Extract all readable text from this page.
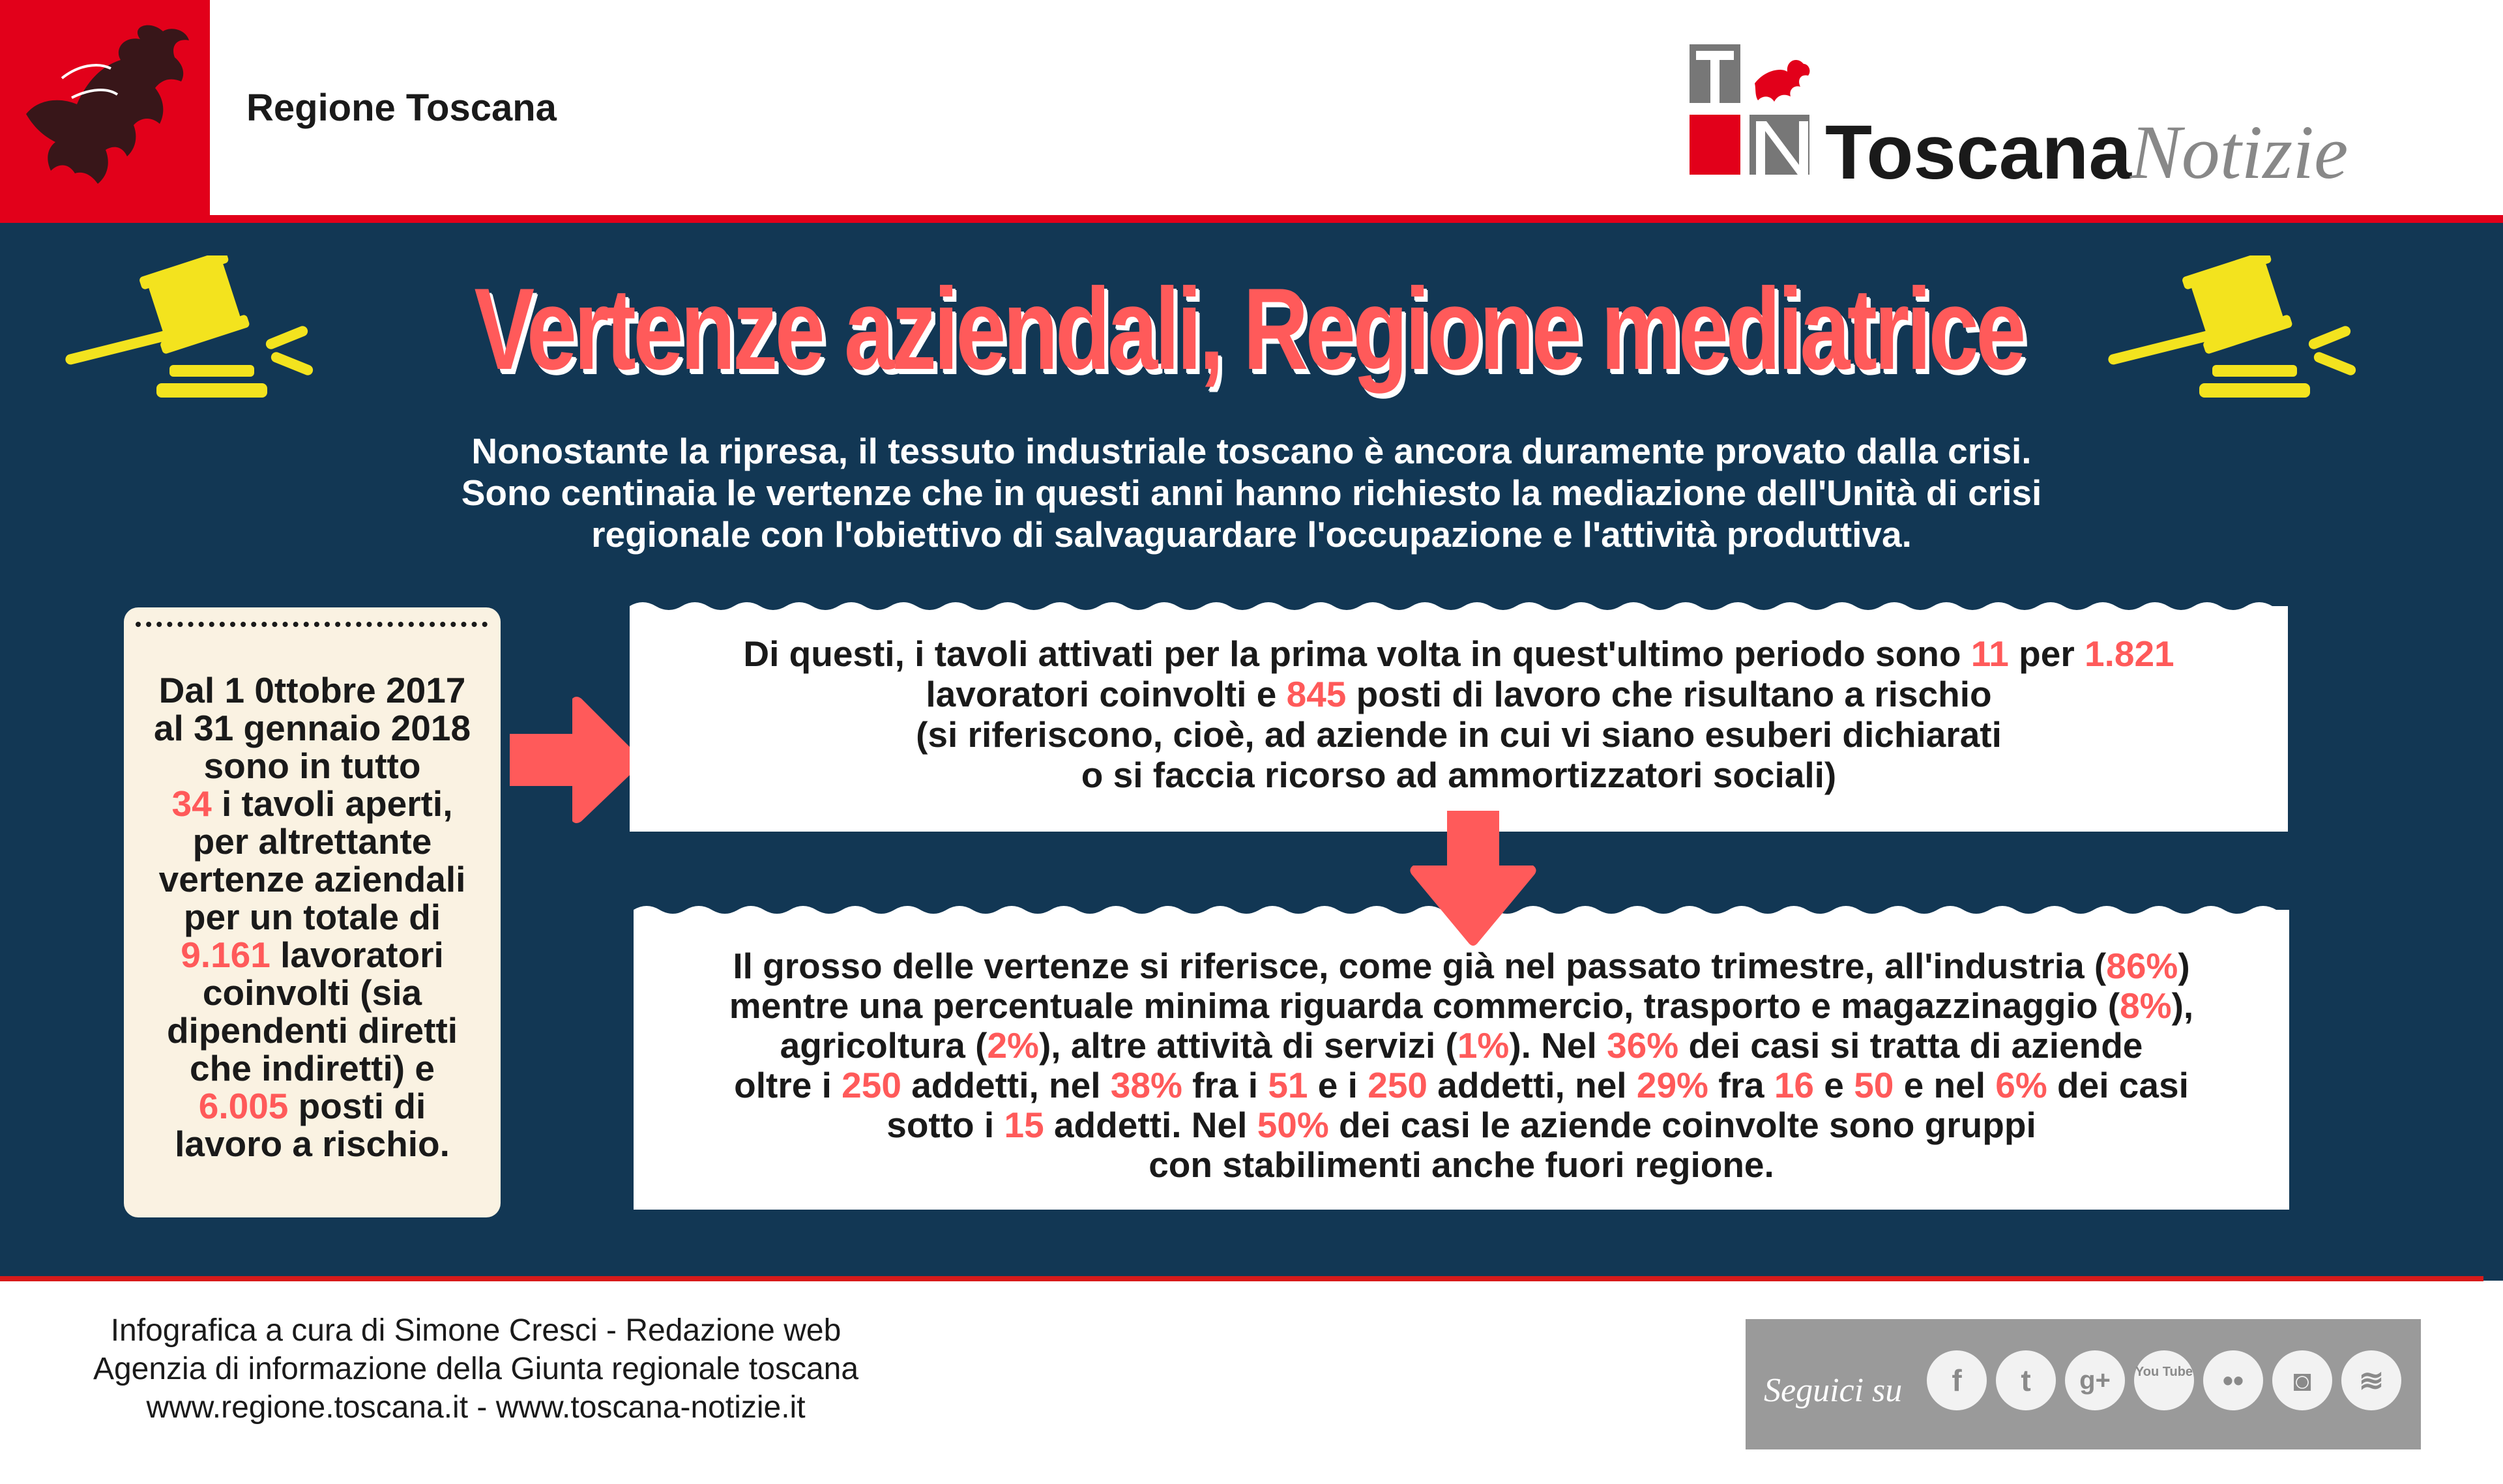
Regione Toscana
Toscana
Notizie
Vertenze aziendali, Regione mediatrice

Nonostante la ripresa, il tessuto industriale toscano è ancora duramente provato dalla crisi.

Sono centinaia le vertenze che in questi anni hanno richiesto la mediazione dell'Unità di crisi

regionale con l'obiettivo di salvaguardare l'occupazione e l'attività produttiva.

Dal 1 0ttobre 2017

al 31 gennaio 2018

sono in tutto

34 i tavoli aperti,

per altrettante

vertenze aziendali

per un totale di

9.161 lavoratori

coinvolti (sia

dipendenti diretti

che indiretti) e

6.005 posti di

lavoro a rischio.

Di questi, i tavoli attivati per la prima volta in quest'ultimo periodo sono 11 per 1.821

lavoratori coinvolti e 845 posti di lavoro che risultano a rischio

(si riferiscono, cioè, ad aziende in cui vi siano esuberi dichiarati

o si faccia ricorso ad ammortizzatori sociali)

Il grosso delle vertenze si riferisce, come già nel passato trimestre, all'industria (86%)

mentre una percentuale minima riguarda commercio, trasporto e magazzinaggio (8%),

agricoltura (2%), altre attività di servizi (1%). Nel 36% dei casi si tratta di aziende

oltre i 250 addetti, nel 38% fra i 51 e i 250 addetti, nel 29% fra 16 e 50 e nel 6% dei casi

sotto i 15 addetti. Nel 50% dei casi le aziende coinvolte sono gruppi

con stabilimenti anche fuori regione.

Infografica a cura di Simone Cresci - Redazione web

Agenzia di informazione della Giunta regionale toscana

www.regione.toscana.it - www.toscana-notizie.it	Seguici su	f	t	g+	You Tube ••	◙	≋
